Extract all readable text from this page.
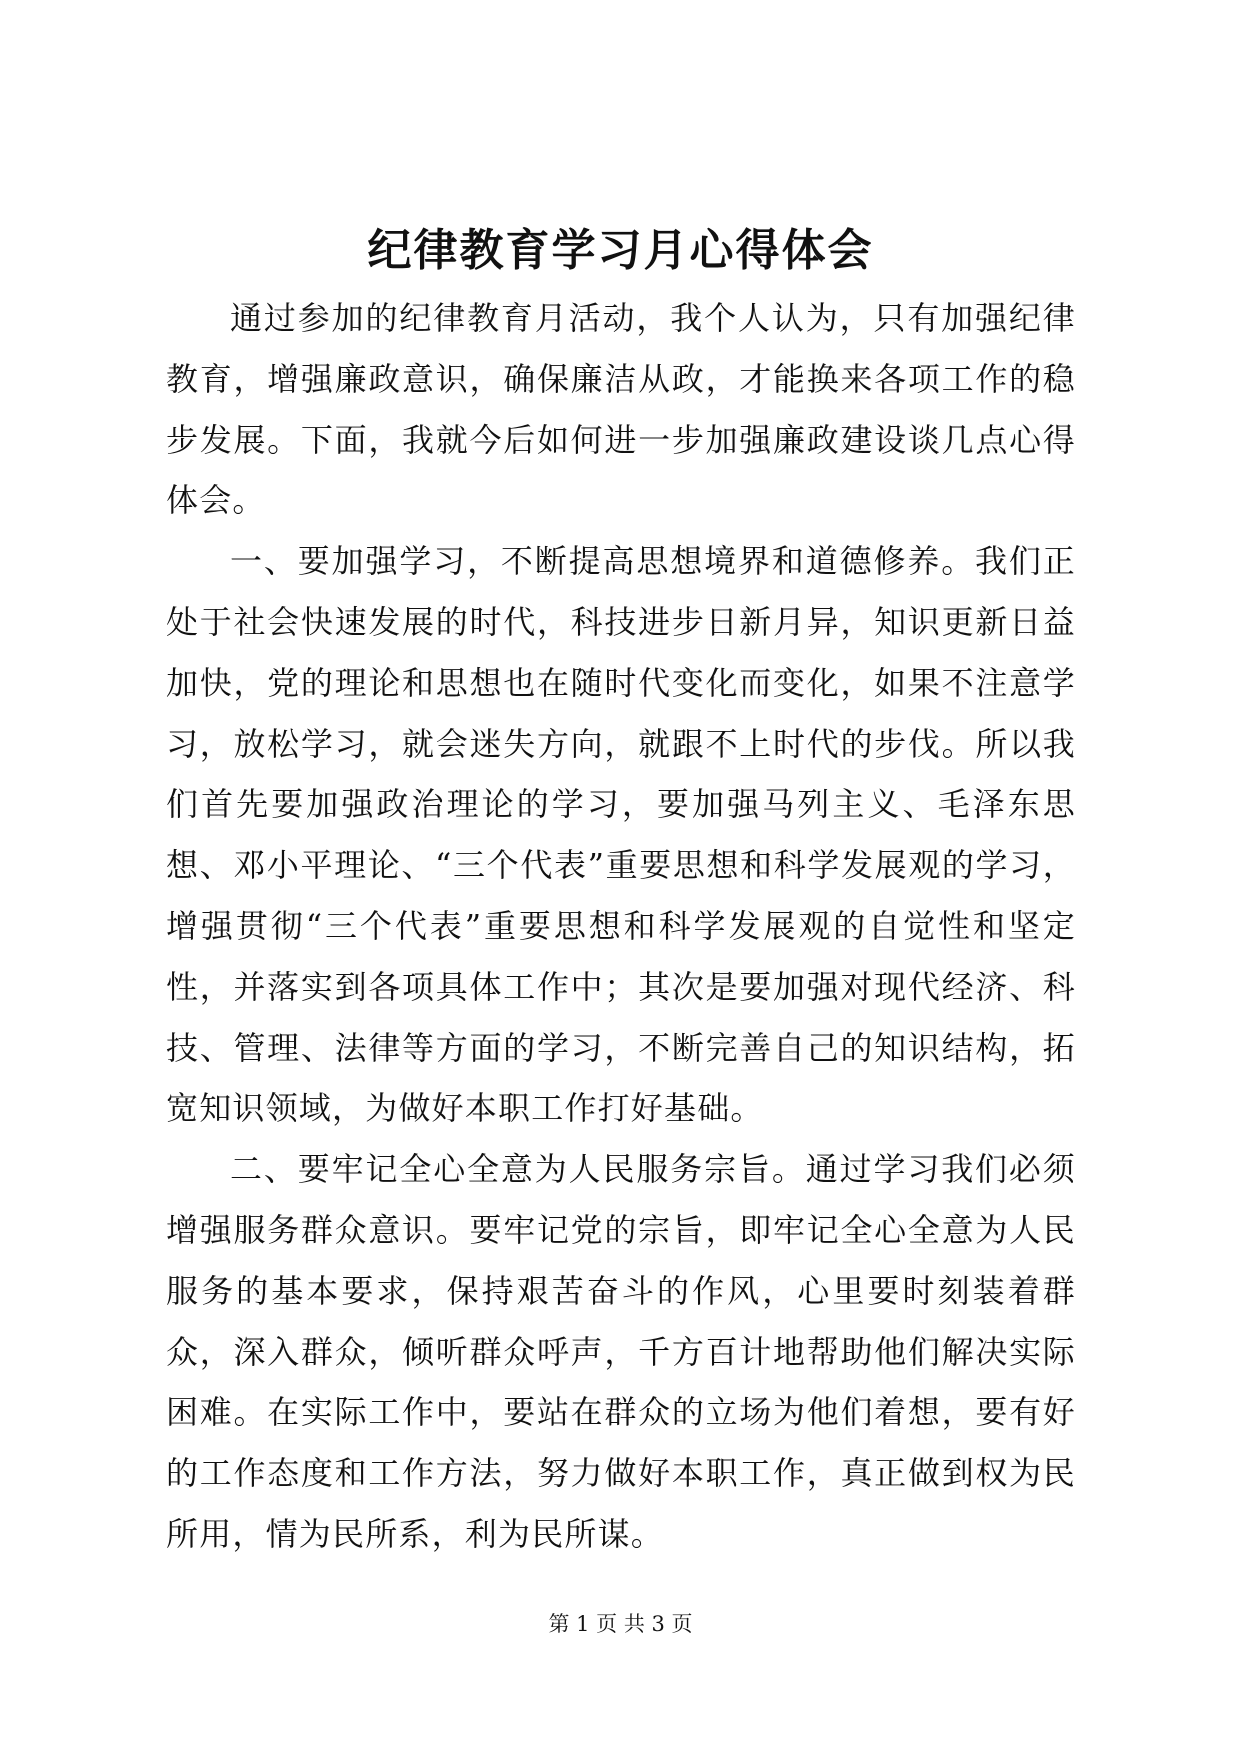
纪律教育学习月心得体会

通过参加的纪律教育月活动，我个人认为，只有加强纪律教育，增强廉政意识，确保廉洁从政，才能换来各项工作的稳步发展。下面，我就今后如何进一步加强廉政建设谈几点心得体会。

一、要加强学习，不断提高思想境界和道德修养。我们正处于社会快速发展的时代，科技进步日新月异，知识更新日益加快，党的理论和思想也在随时代变化而变化，如果不注意学习，放松学习，就会迷失方向，就跟不上时代的步伐。所以我们首先要加强政治理论的学习，要加强马列主义、毛泽东思想、邓小平理论、“三个代表”重要思想和科学发展观的学习，增强贯彻“三个代表”重要思想和科学发展观的自觉性和坚定性，并落实到各项具体工作中；其次是要加强对现代经济、科技、管理、法律等方面的学习，不断完善自己的知识结构，拓宽知识领域，为做好本职工作打好基础。

二、要牢记全心全意为人民服务宗旨。通过学习我们必须增强服务群众意识。要牢记党的宗旨，即牢记全心全意为人民服务的基本要求，保持艰苦奋斗的作风，心里要时刻装着群众，深入群众，倾听群众呼声，千方百计地帮助他们解决实际困难。在实际工作中，要站在群众的立场为他们着想，要有好的工作态度和工作方法，努力做好本职工作，真正做到权为民所用，情为民所系，利为民所谋。

第 1 页 共 3 页
